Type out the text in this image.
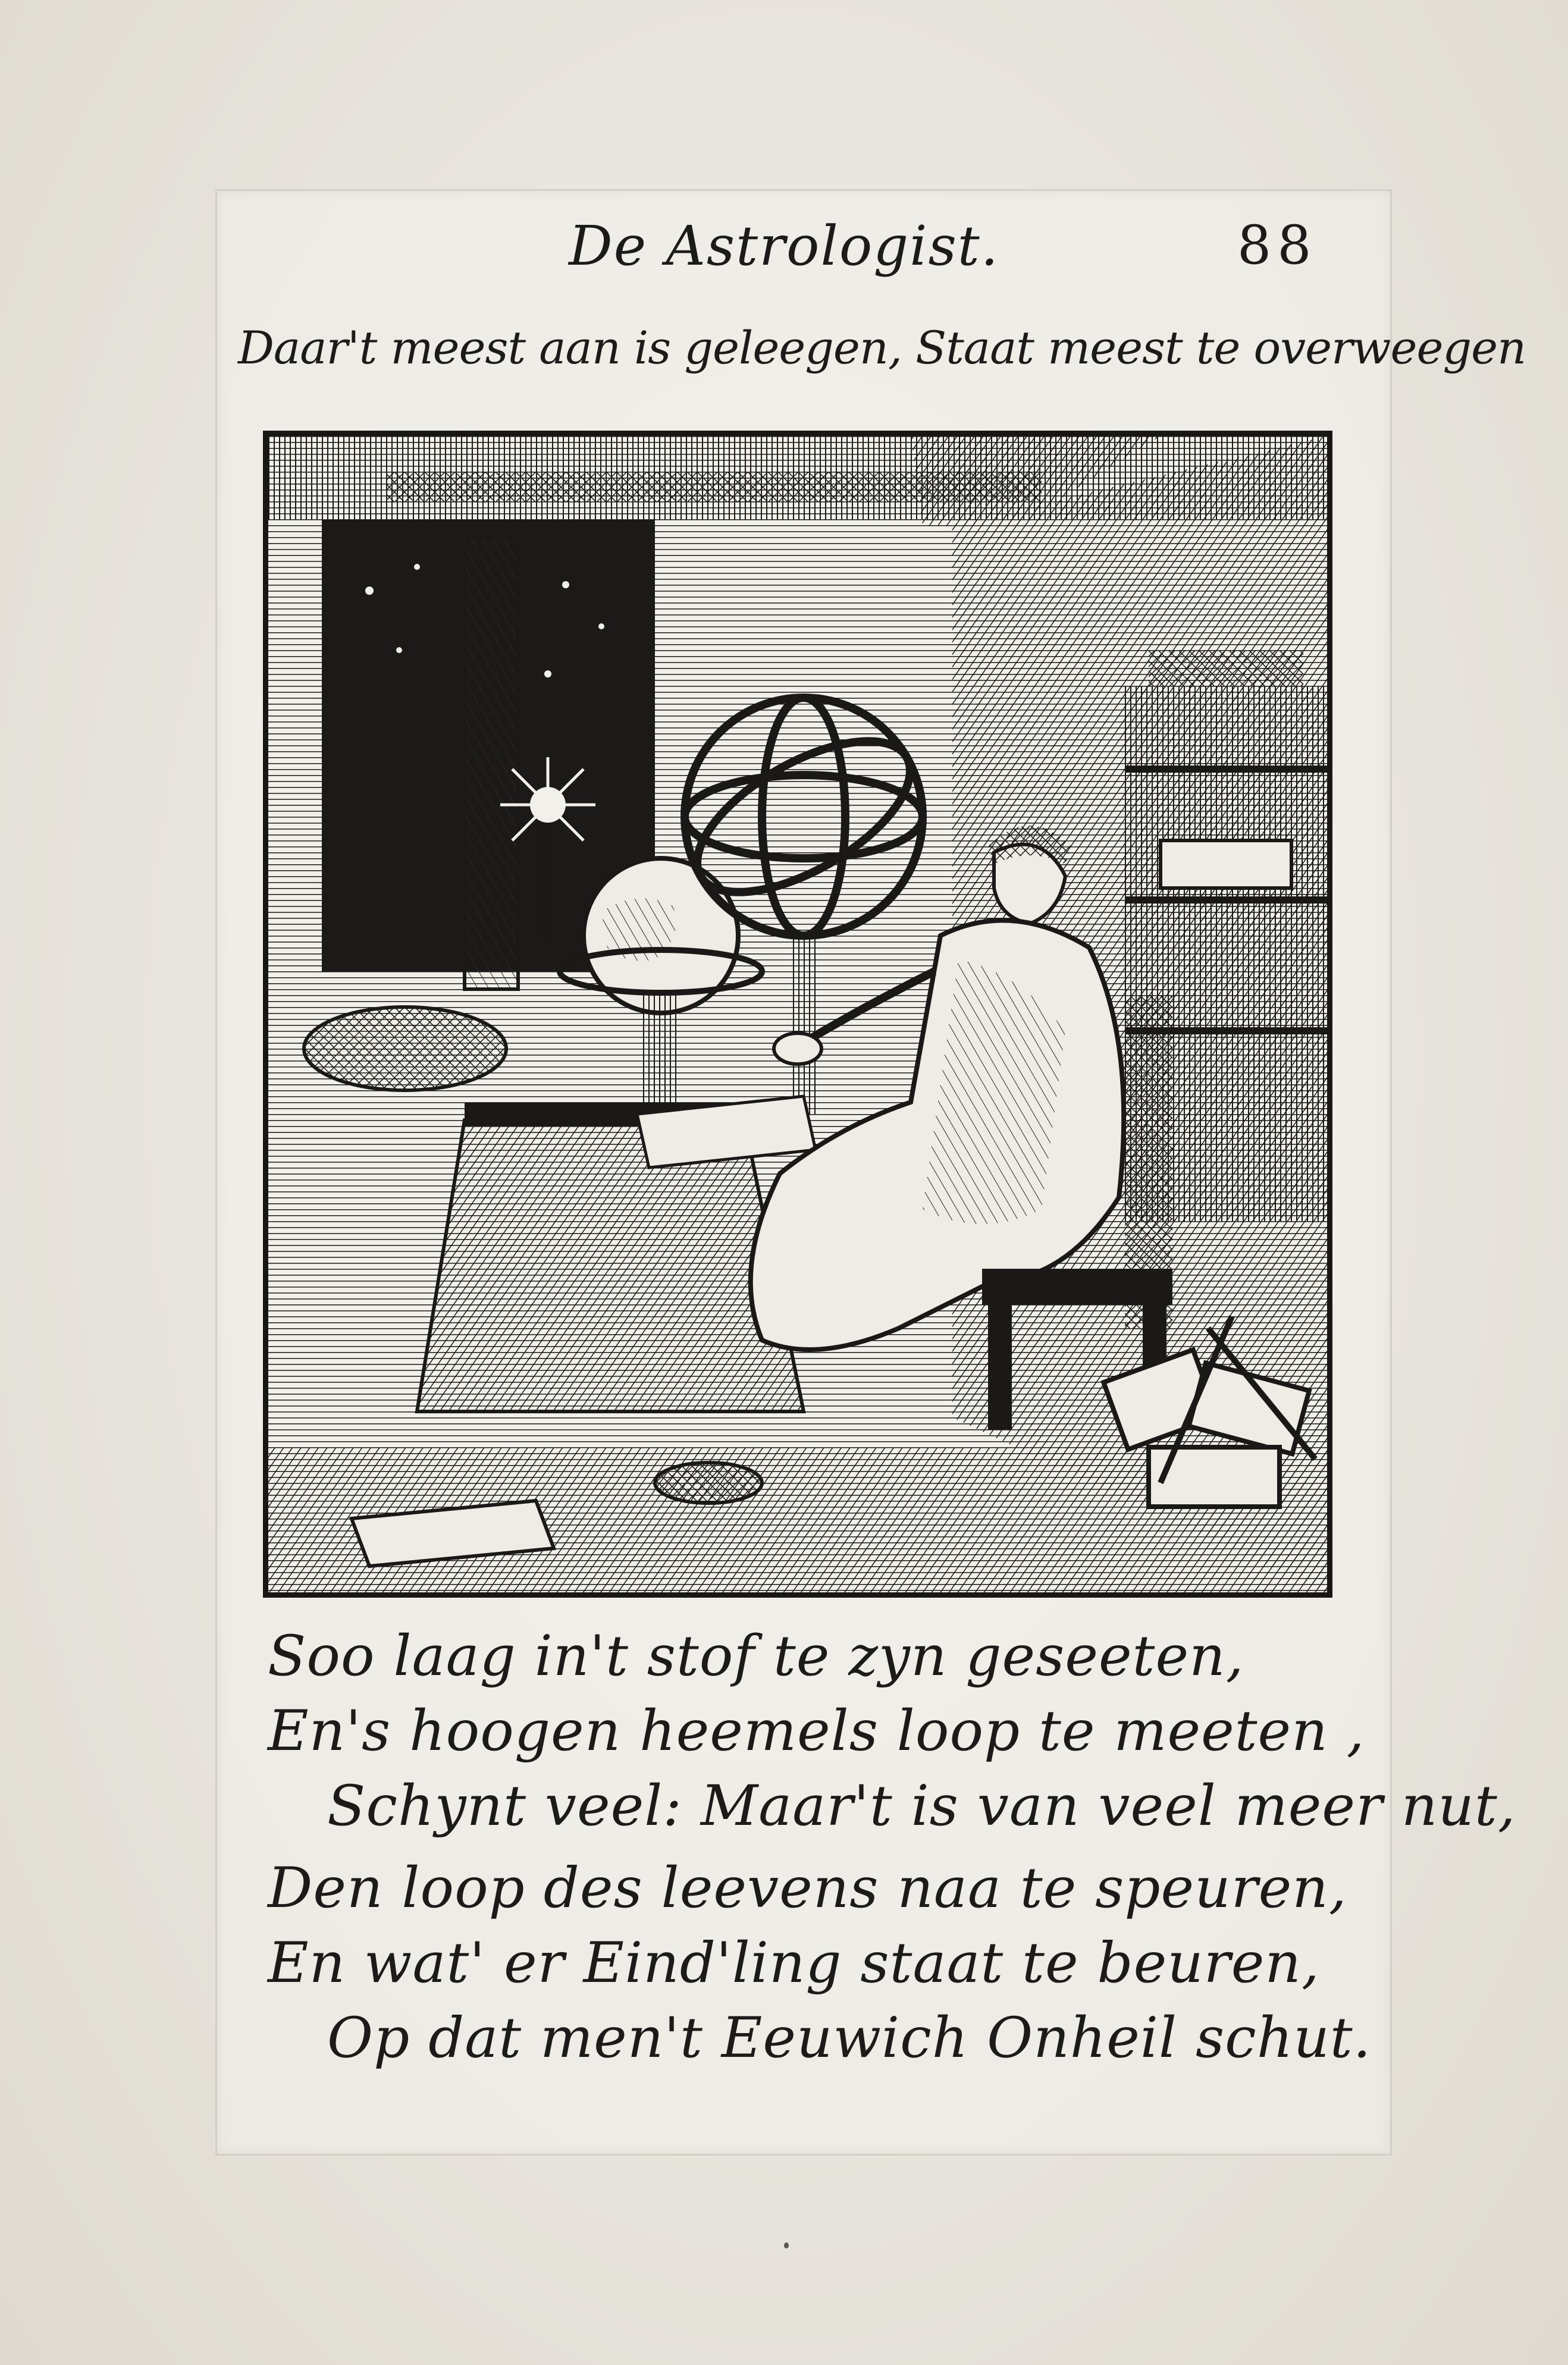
De Astrologist.	88
Daar't meest aan is geleegen, Staat meest te overweegen
Soo laag in't stof te zyn geseeten,
En's hoogen heemels loop te meeten ,
Schynt veel: Maar't is van veel meer nut,
Den loop des leevens naa te speuren,
En wat' er Eind'ling staat te beuren,
Op dat men't Eeuwich Onheil schut.
